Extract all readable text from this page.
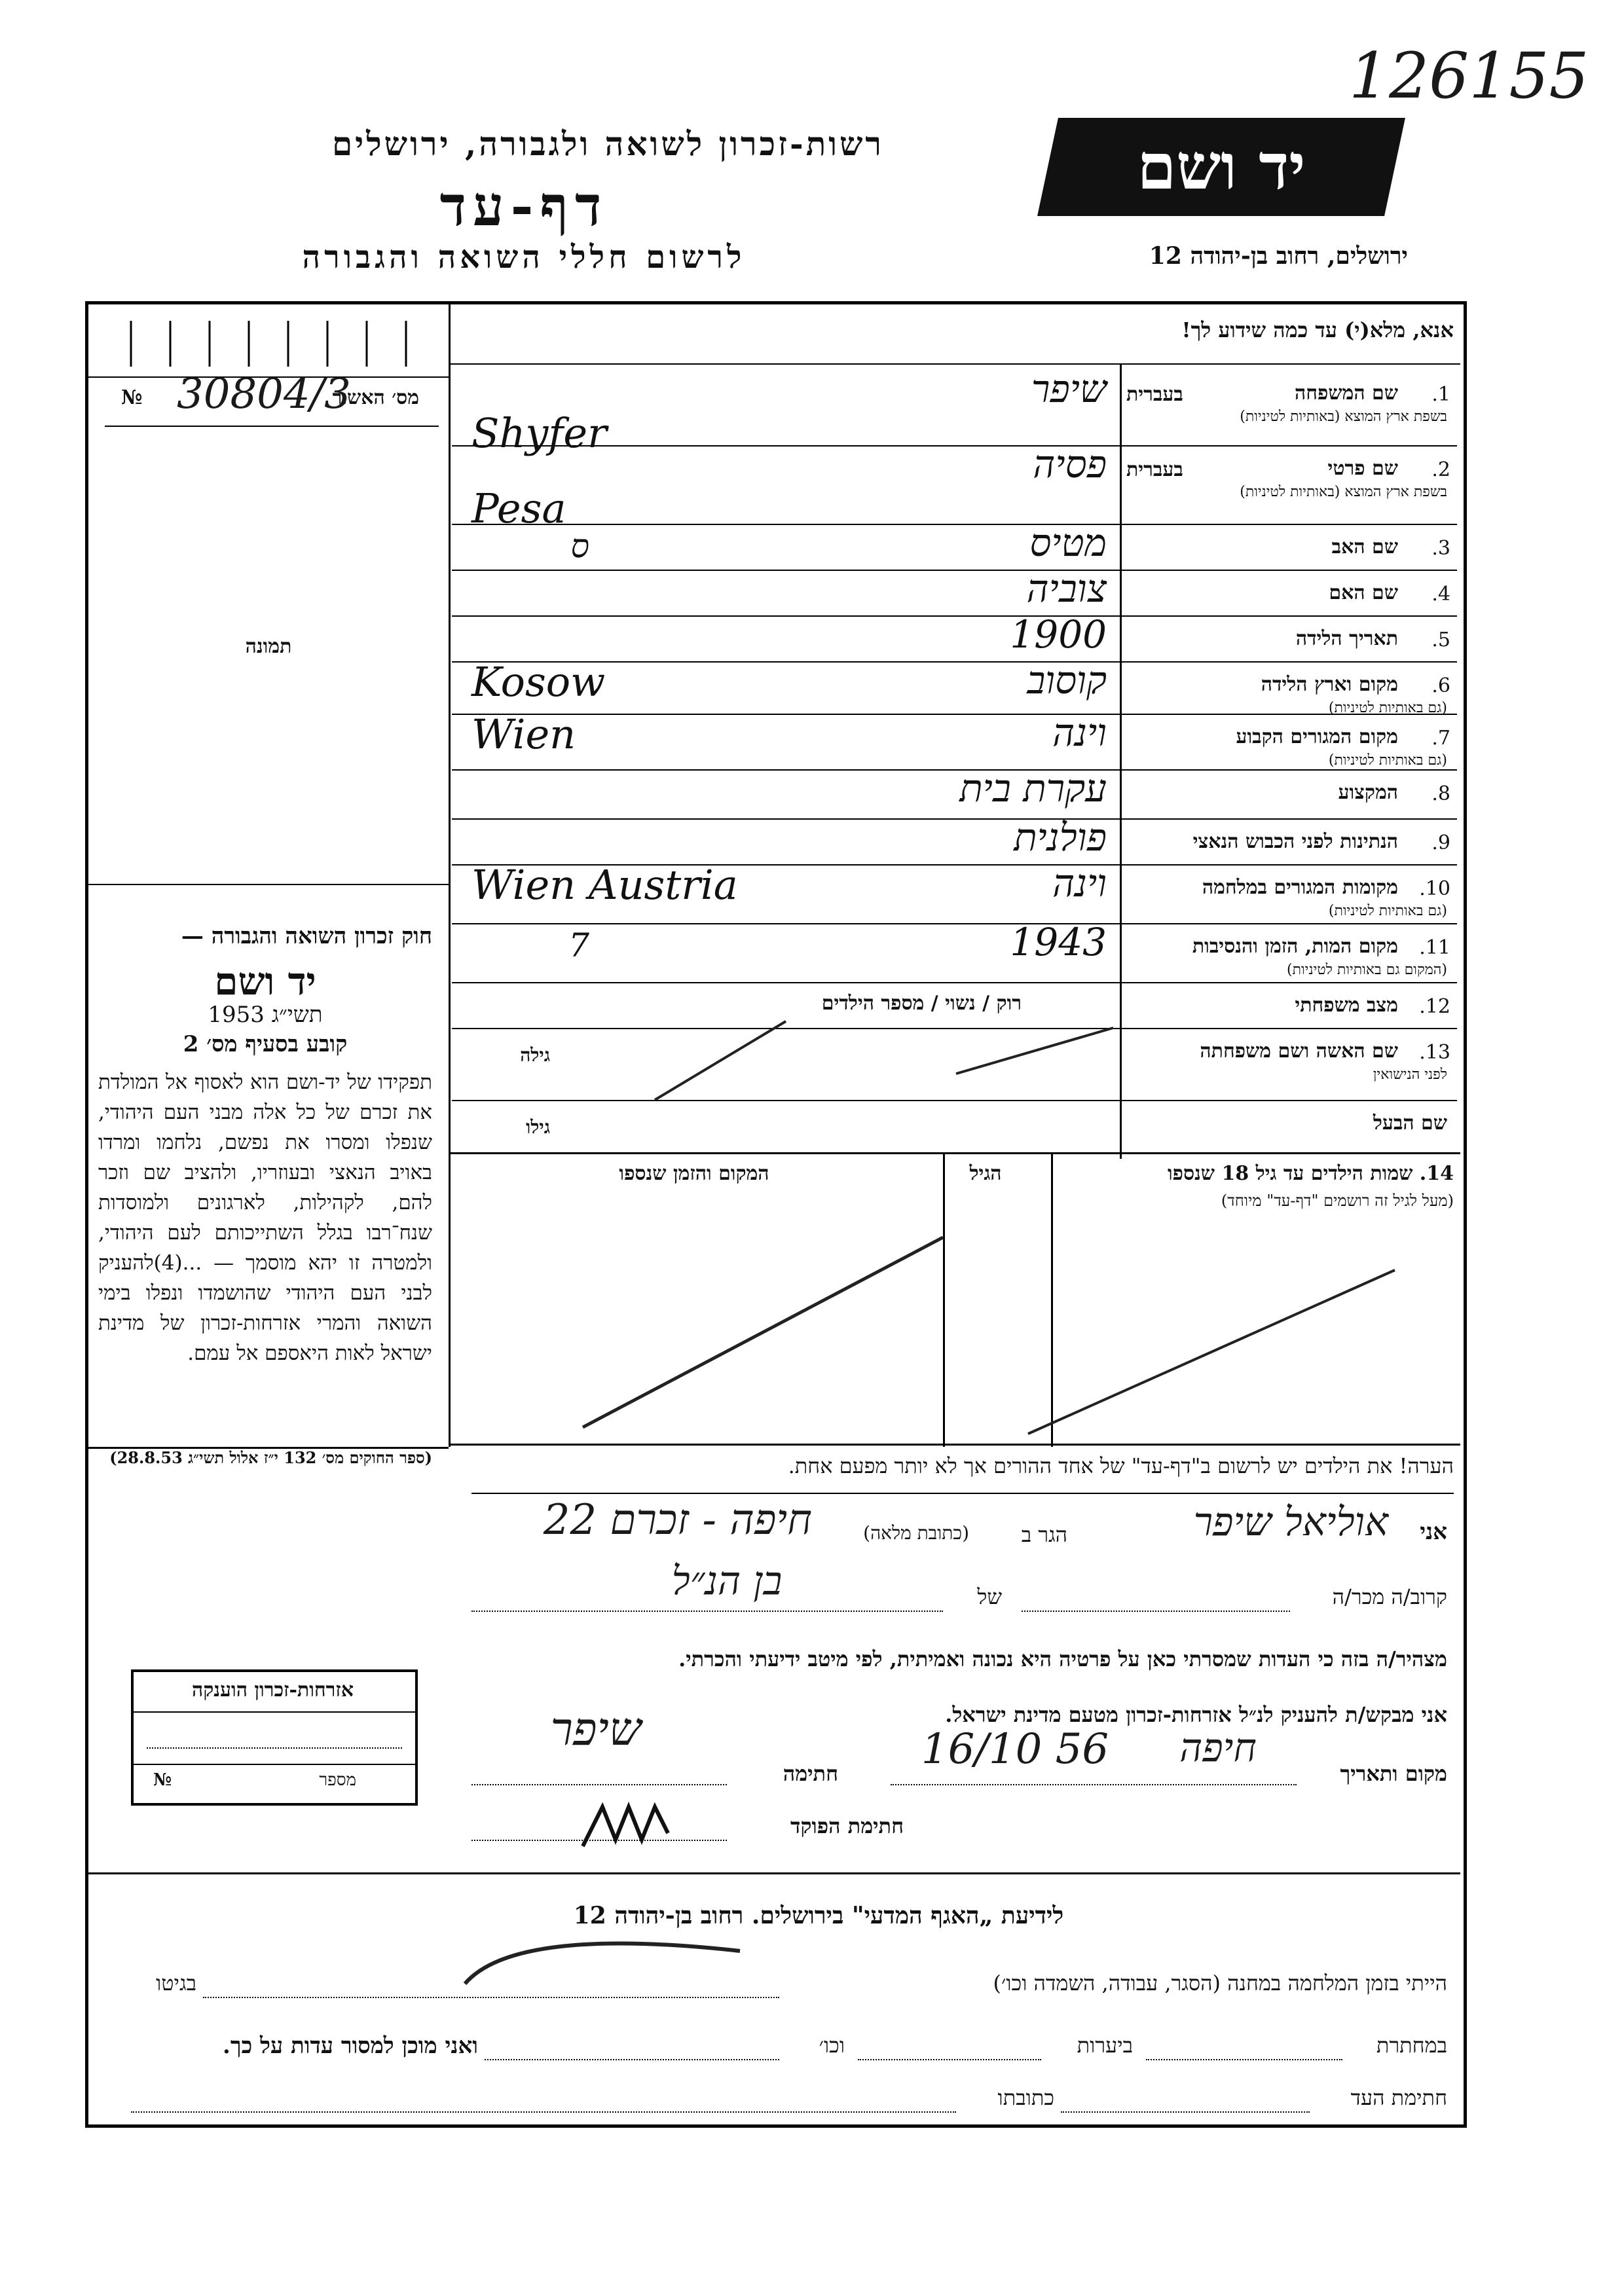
126155
רשות-זכרון לשואה ולגבורה, ירושלים
דף-עד
לרשום חללי השואה והגבורה
יד ושם
ירושלים, רחוב בן-יהודה 12
מס׳ האשור
№ 30804/3
תמונה
חוק זכרון השואה והגבורה —
יד ושם
תשי״ג 1953
קובע בסעיף מס׳ 2
תפקידו של יד-ושם הוא לאסוף אל המולדת את זכרם של כל אלה מבני העם היהודי, שנפלו ומסרו את נפשם, נלחמו ומרדו באויב הנאצי ובעוזריו, ולהציב שם וזכר להם, לקהילות, לארגונים ולמוסדות שנח־רבו בגלל השתייכותם לעם היהודי, ולמטרה זו יהא מוסמך — ...(4)להעניק לבני העם היהודי שהושמדו ונפלו בימי השואה והמרי אזרחות-זכרון של מדינת ישראל לאות היאספם אל עמם.
(ספר החוקים מס׳ 132 י״ז אלול תשי״ג 28.8.53)
אנא, מלא(י) עד כמה שידוע לך!
14. שמות הילדים עד גיל 18 שנספו
(מעל לגיל זה רושמים "דף-עד" מיוחד)
הגיל
המקום והזמן שנספו
הערה! את הילדים יש לרשום ב"דף-עד" של אחד ההורים אך לא יותר מפעם אחת.
אני
אוליאל שיפר
הגר ב
(כתובת מלאה)
חיפה - זכרם 22
קרוב/ה מכר/ה
של
בן הנ״ל
מצהיר/ה בזה כי העדות שמסרתי כאן על פרטיה היא נכונה ואמיתית, לפי מיטב ידיעתי והכרתי.
אני מבקש/ת להעניק לנ״ל אזרחות-זכרון מטעם מדינת ישראל.
מקום ותאריך
חיפה
16/10 56
חתימה
שיפר
חתימת הפוקד
אזרחות-זכרון הוענקה
מספר
№
לידיעת „האגף המדעי" בירושלים. רחוב בן-יהודה 12
הייתי בזמן המלחמה במחנה (הסגר, עבודה, השמדה וכו׳)
בגיטו
במחתרת
ביערות
וכו׳
ואני מוכן למסור עדות על כך.
חתימת העד
כתובתו
1.
שם המשפחה
בשפת ארץ המוצא (באותיות לטיניות)
בעברית
שיפר
Shyfer
2.
שם פרטי
בשפת ארץ המוצא (באותיות לטיניות)
בעברית
פסיה
Pesa
3.
שם האב
מטיס
ס
4.
שם האם
צוביה
5.
תאריך הלידה
1900
6.
מקום וארץ הלידה
(גם באותיות לטיניות)
קוסוב
Kosow
7.
מקום המגורים הקבוע
(גם באותיות לטיניות)
וינה
Wien
8.
המקצוע
עקרת בית
9.
הנתינות לפני הכבוש הנאצי
פולנית
10.
מקומות המגורים במלחמה
(גם באותיות לטיניות)
וינה
Wien Austria
11.
מקום המות, הזמן והנסיבות
(המקום גם באותיות לטיניות)
1943
7
12.
מצב משפחתי
רוק / נשוי / מספר הילדים
13.
שם האשה ושם משפחתה
לפני הנישואין
גילה
שם הבעל
גילו
